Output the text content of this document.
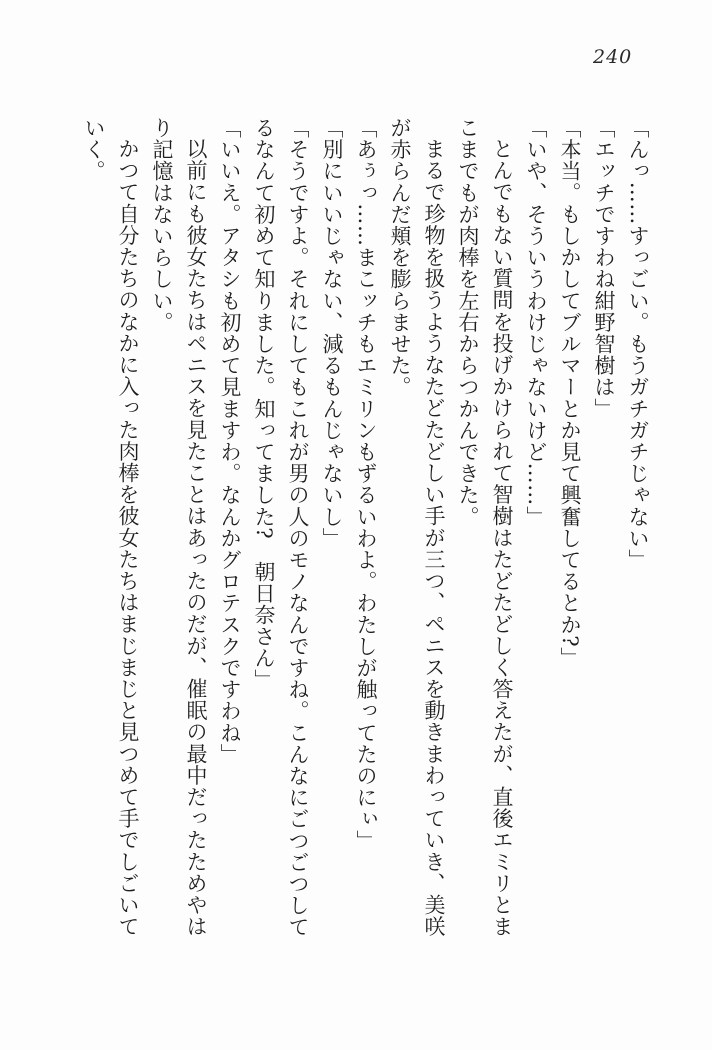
240

「んっ……すっごい。もうガチガチじゃない」

「エッチですわね紺野智樹は」

「本当。もしかしてブルマーとか見て興奮してるとか?」

「いや、そういうわけじゃないけど……」

とんでもない質問を投げかけられて智樹はたどたどしく答えたが、直後エミリとまこまでもが肉棒を左右からつかんできた。

まるで珍物を扱うようなたどたどしい手が三つ、ペニスを動きまわっていき、美咲が赤らんだ頬を膨らませた。

「あぅっ……まこッチもエミリンもずるいわよ。わたしが触ってたのにぃ」

「別にいいじゃない、減るもんじゃないし」

「そうですよ。それにしてもこれが男の人のモノなんですね。こんなにごつごつしてるなんて初めて知りました。知ってました?　朝日奈さん」

「いいえ。アタシも初めて見ますわ。なんかグロテスクですわね」

以前にも彼女たちはペニスを見たことはあったのだが、催眠の最中だったためやはり記憶はないらしい。

かつて自分たちのなかに入った肉棒を彼女たちはまじまじと見つめて手でしごいていく。
